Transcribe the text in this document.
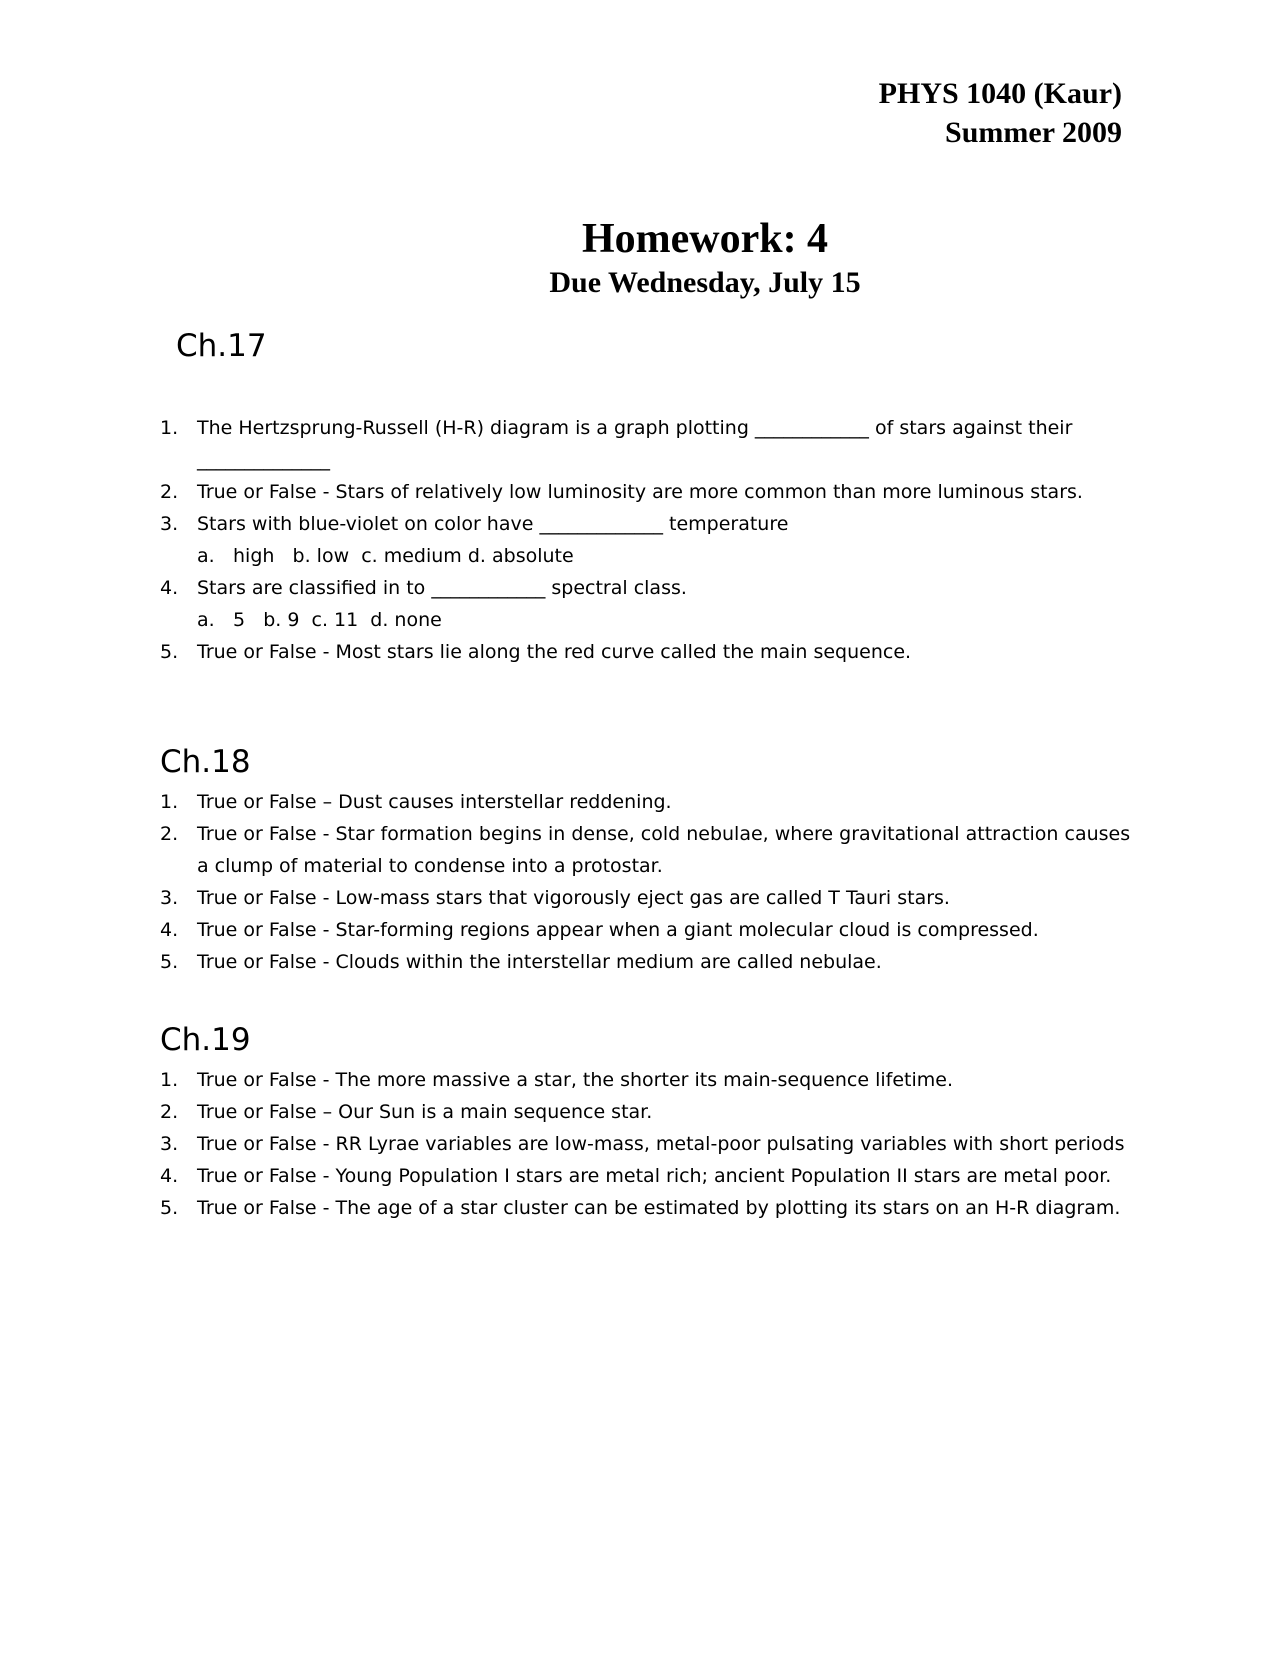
PHYS 1040 (Kaur)
Summer 2009
Homework: 4
Due Wednesday, July 15
Ch.17
1. The Hertzsprung-Russell (H-R) diagram is a graph plotting ____________ of stars against their ______________
2. True or False - Stars of relatively low luminosity are more common than more luminous stars.
3. Stars with blue-violet on color have _____________ temperature
a. high   b. low  c. medium d. absolute
4. Stars are classified in to ____________ spectral class.
a. 5   b. 9  c. 11  d. none
5. True or False - Most stars lie along the red curve called the main sequence.
Ch.18
1. True or False – Dust causes interstellar reddening.
2. True or False - Star formation begins in dense, cold nebulae, where gravitational attraction causes a clump of material to condense into a protostar.
3. True or False - Low-mass stars that vigorously eject gas are called T Tauri stars.
4. True or False - Star-forming regions appear when a giant molecular cloud is compressed.
5. True or False - Clouds within the interstellar medium are called nebulae.
Ch.19
1. True or False - The more massive a star, the shorter its main-sequence lifetime.
2. True or False – Our Sun is a main sequence star.
3. True or False - RR Lyrae variables are low-mass, metal-poor pulsating variables with short periods
4. True or False - Young Population I stars are metal rich; ancient Population II stars are metal poor.
5. True or False - The age of a star cluster can be estimated by plotting its stars on an H-R diagram.
